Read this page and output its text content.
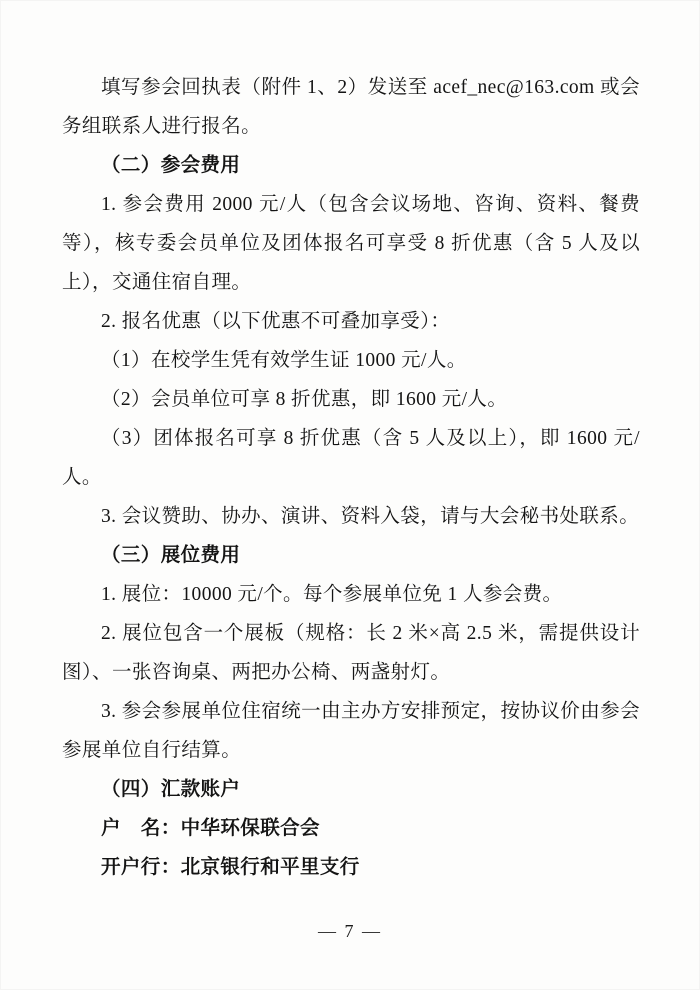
填写参会回执表（附件 1、2）发送至 acef_nec@163.com 或会务组联系人进行报名。

（二）参会费用

1. 参会费用 2000 元/人（包含会议场地、咨询、资料、餐费等），核专委会员单位及团体报名可享受 8 折优惠（含 5 人及以上），交通住宿自理。

2. 报名优惠（以下优惠不可叠加享受）：

（1）在校学生凭有效学生证 1000 元/人。

（2）会员单位可享 8 折优惠，即 1600 元/人。

（3）团体报名可享 8 折优惠（含 5 人及以上），即 1600 元/人。

3. 会议赞助、协办、演讲、资料入袋，请与大会秘书处联系。

（三）展位费用

1. 展位：10000 元/个。每个参展单位免 1 人参会费。

2. 展位包含一个展板（规格：长 2 米×高 2.5 米，需提供设计图）、一张咨询桌、两把办公椅、两盏射灯。

3. 参会参展单位住宿统一由主办方安排预定，按协议价由参会参展单位自行结算。

（四）汇款账户

户　名：中华环保联合会

开户行：北京银行和平里支行

— 7 —
